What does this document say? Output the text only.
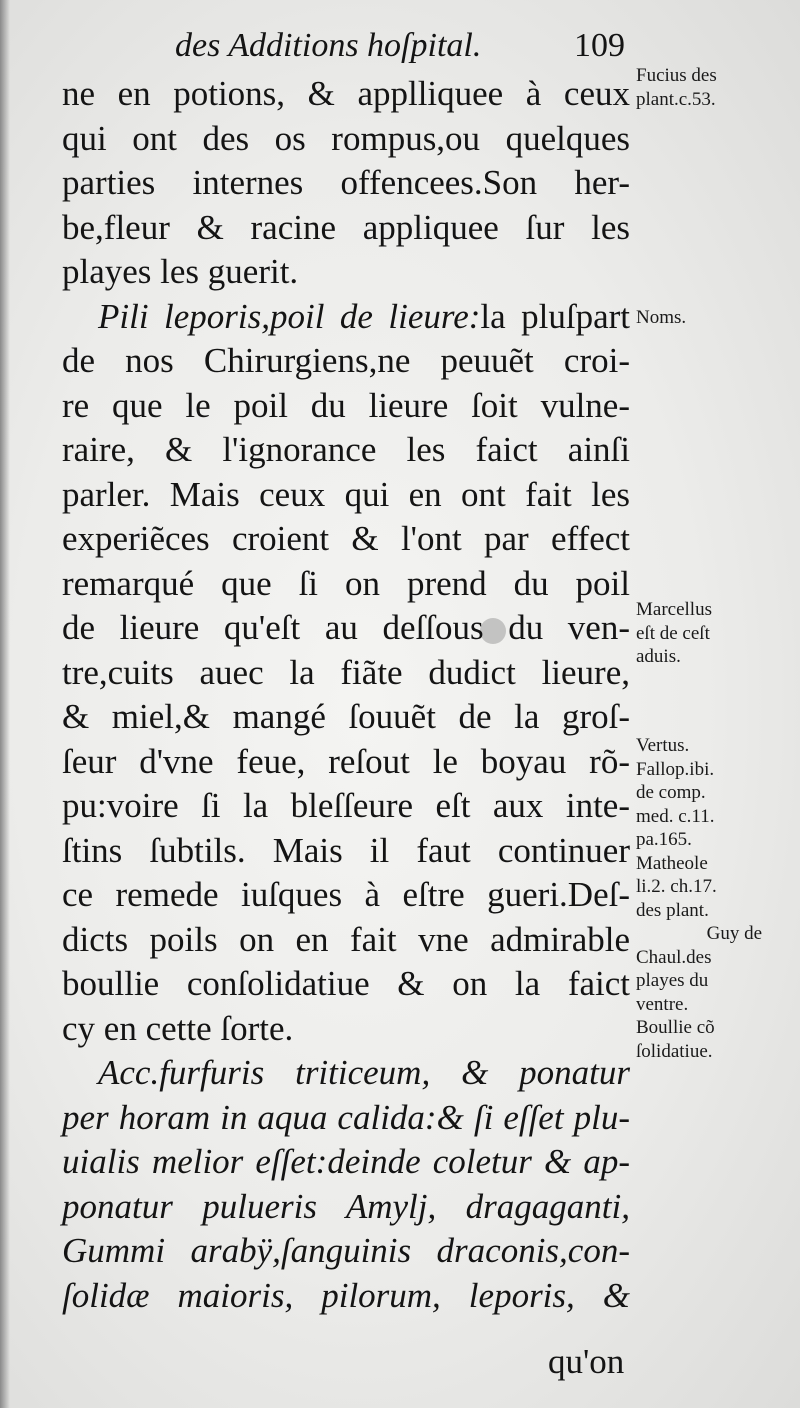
des Additions hoſpital.	109
ne en potions, & applliquee à ceux
qui ont des os rompus,ou quelques
parties internes offencees.Son her-
be,fleur & racine appliquee ſur les
playes les guerit.
Pili leporis,poil de lieure:la pluſpart
de nos Chirurgiens,ne peuuẽt croi-
re que le poil du lieure ſoit vulne-
raire, & l'ignorance les faict ainſi
parler. Mais ceux qui en ont fait les
experiẽces croient & l'ont par effect
remarqué que ſi on prend du poil
de lieure qu'eſt au deſſous du ven-
tre,cuits auec la fiãte dudict lieure,
& miel,& mangé ſouuẽt de la groſ-
ſeur d'vne feue, reſout le boyau rõ-
pu:voire ſi la bleſſeure eſt aux inte-
ſtins ſubtils. Mais il faut continuer
ce remede iuſques à eſtre gueri.Deſ-
dicts poils on en fait vne admirable
boullie conſolidatiue & on la faict
cy en cette ſorte.
Acc.furfuris triticeum, & ponatur
per horam in aqua calida:& ſi eſſet plu-
uialis melior eſſet:deinde coletur & ap-
ponatur pulueris Amylj, dragaganti,
Gummi arabÿ,ſanguinis draconis,con-
ſolidæ maioris, pilorum, leporis, &
qu'on
Fucius des
plant.c.53.
Noms.
Marcellus
eſt de ceſt
aduis.
Vertus.
Fallop.ibi.
de comp.
med. c.11.
pa.165.
Matheole
li.2. ch.17.
des plant.
Guy de
Chaul.des
playes du
ventre.
Boullie cõ
ſolidatiue.
